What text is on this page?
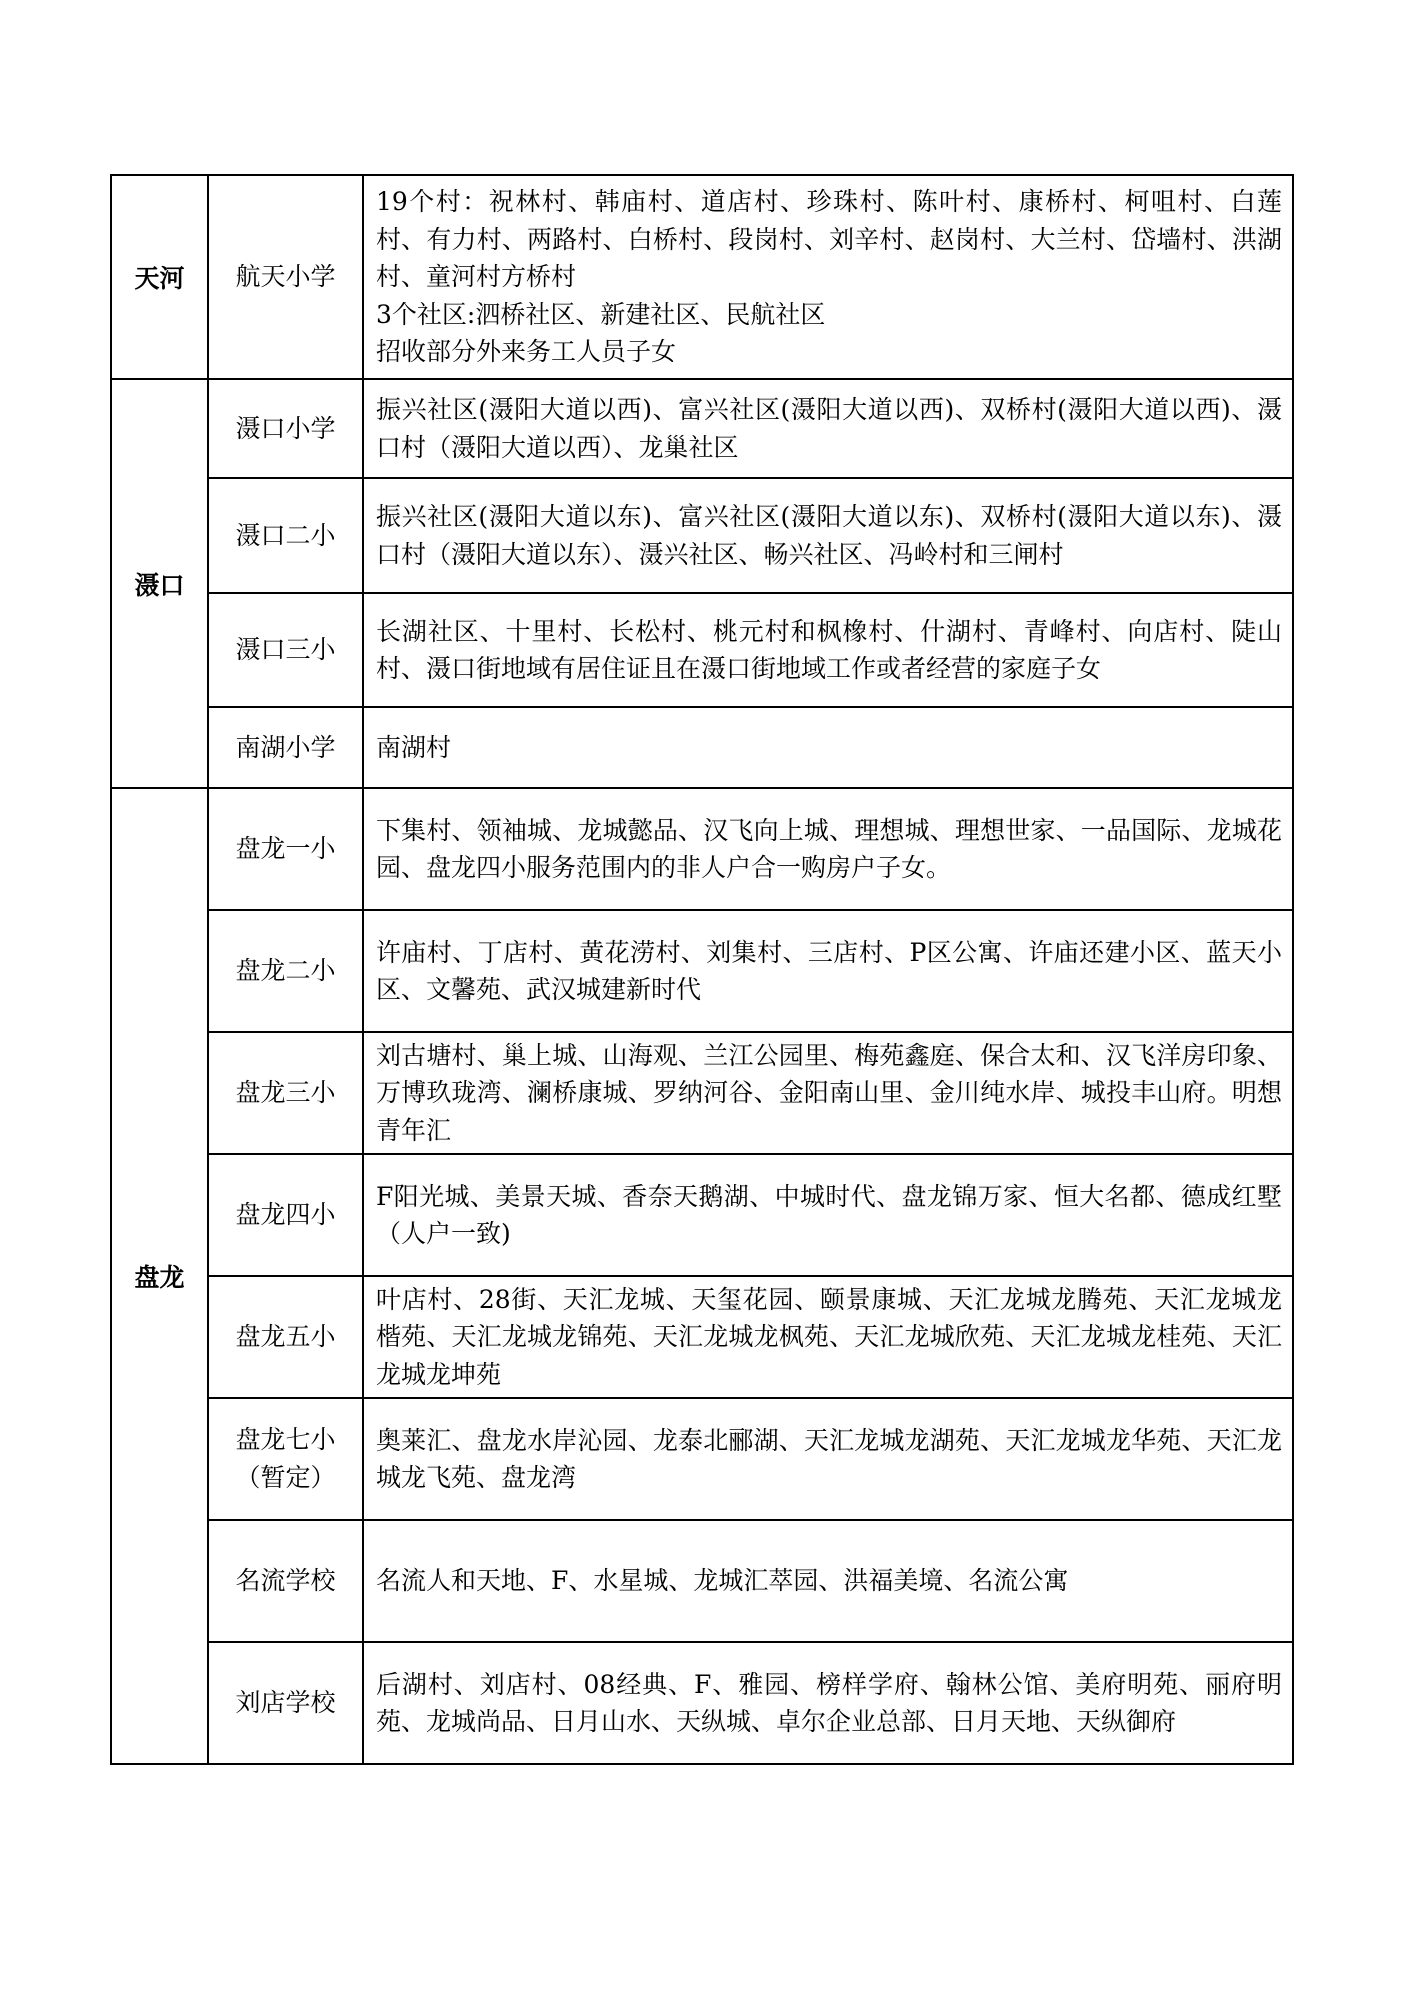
天河	航天小学	19个村：祝林村、韩庙村、道店村、珍珠村、陈叶村、康桥村、柯咀村、白莲村、有力村、两路村、白桥村、段岗村、刘辛村、赵岗村、大兰村、岱墙村、洪湖村、童河村方桥村
3个社区:泗桥社区、新建社区、民航社区
招收部分外来务工人员子女

滠口	滠口小学	振兴社区(滠阳大道以西)、富兴社区(滠阳大道以西)、双桥村(滠阳大道以西)、滠口村（滠阳大道以西）、龙巢社区

	滠口二小	振兴社区(滠阳大道以东)、富兴社区(滠阳大道以东)、双桥村(滠阳大道以东)、滠口村（滠阳大道以东）、滠兴社区、畅兴社区、冯岭村和三闸村

	滠口三小	长湖社区、十里村、长松村、桃元村和枫橡村、什湖村、青峰村、向店村、陡山村、滠口街地域有居住证且在滠口街地域工作或者经营的家庭子女

	南湖小学	南湖村

盘龙	盘龙一小	下集村、领袖城、龙城懿品、汉飞向上城、理想城、理想世家、一品国际、龙城花园、盘龙四小服务范围内的非人户合一购房户子女。

	盘龙二小	许庙村、丁店村、黄花涝村、刘集村、三店村、P区公寓、许庙还建小区、蓝天小区、文馨苑、武汉城建新时代

	盘龙三小	刘古塘村、巢上城、山海观、兰江公园里、梅苑鑫庭、保合太和、汉飞洋房印象、万博玖珑湾、澜桥康城、罗纳河谷、金阳南山里、金川纯水岸、城投丰山府。明想青年汇

	盘龙四小	F阳光城、美景天城、香奈天鹅湖、中城时代、盘龙锦万家、恒大名都、德成红墅（人户一致)

	盘龙五小	叶店村、28街、天汇龙城、天玺花园、颐景康城、天汇龙城龙腾苑、天汇龙城龙楷苑、天汇龙城龙锦苑、天汇龙城龙枫苑、天汇龙城欣苑、天汇龙城龙桂苑、天汇龙城龙坤苑

	盘龙七小（暂定）	奥莱汇、盘龙水岸沁园、龙泰北郦湖、天汇龙城龙湖苑、天汇龙城龙华苑、天汇龙城龙飞苑、盘龙湾

	名流学校	名流人和天地、F、水星城、龙城汇萃园、洪福美境、名流公寓

	刘店学校	后湖村、刘店村、08经典、F、雅园、榜样学府、翰林公馆、美府明苑、丽府明苑、龙城尚品、日月山水、天纵城、卓尔企业总部、日月天地、天纵御府
